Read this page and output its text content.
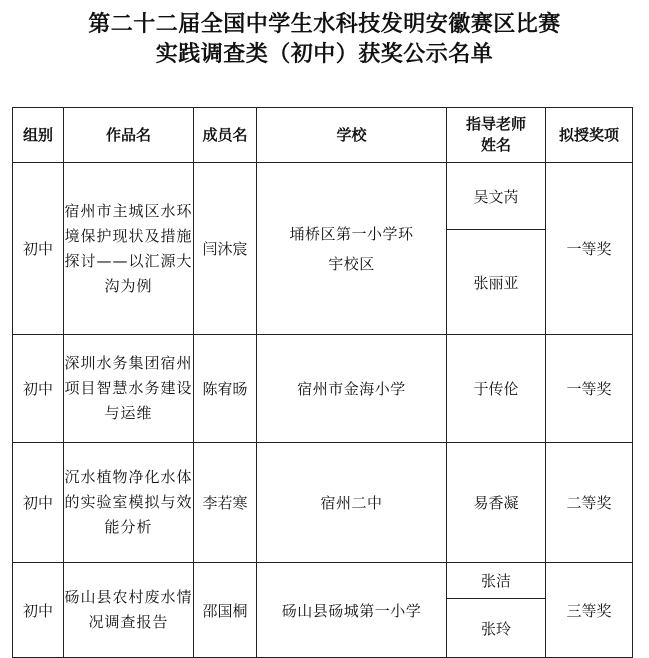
第二十二届全国中学生水科技发明安徽赛区比赛
实践调查类（初中）获奖公示名单
组别	作品名	成员名	学校	指导老师姓名	拟授奖项
初中	宿州市主城区水环境保护现状及措施探讨——以汇源大沟为例	闫沐宸	埇桥区第一小学环宇校区	吴文芮	一等奖
				张丽亚	
初中	深圳水务集团宿州项目智慧水务建设与运维	陈宥旸	宿州市金海小学	于传伦	一等奖
初中	沉水植物净化水体的实验室模拟与效能分析	李若寒	宿州二中	易香凝	二等奖
初中	砀山县农村废水情况调查报告	邵国桐	砀山县砀城第一小学	张洁	三等奖
				张玲	
